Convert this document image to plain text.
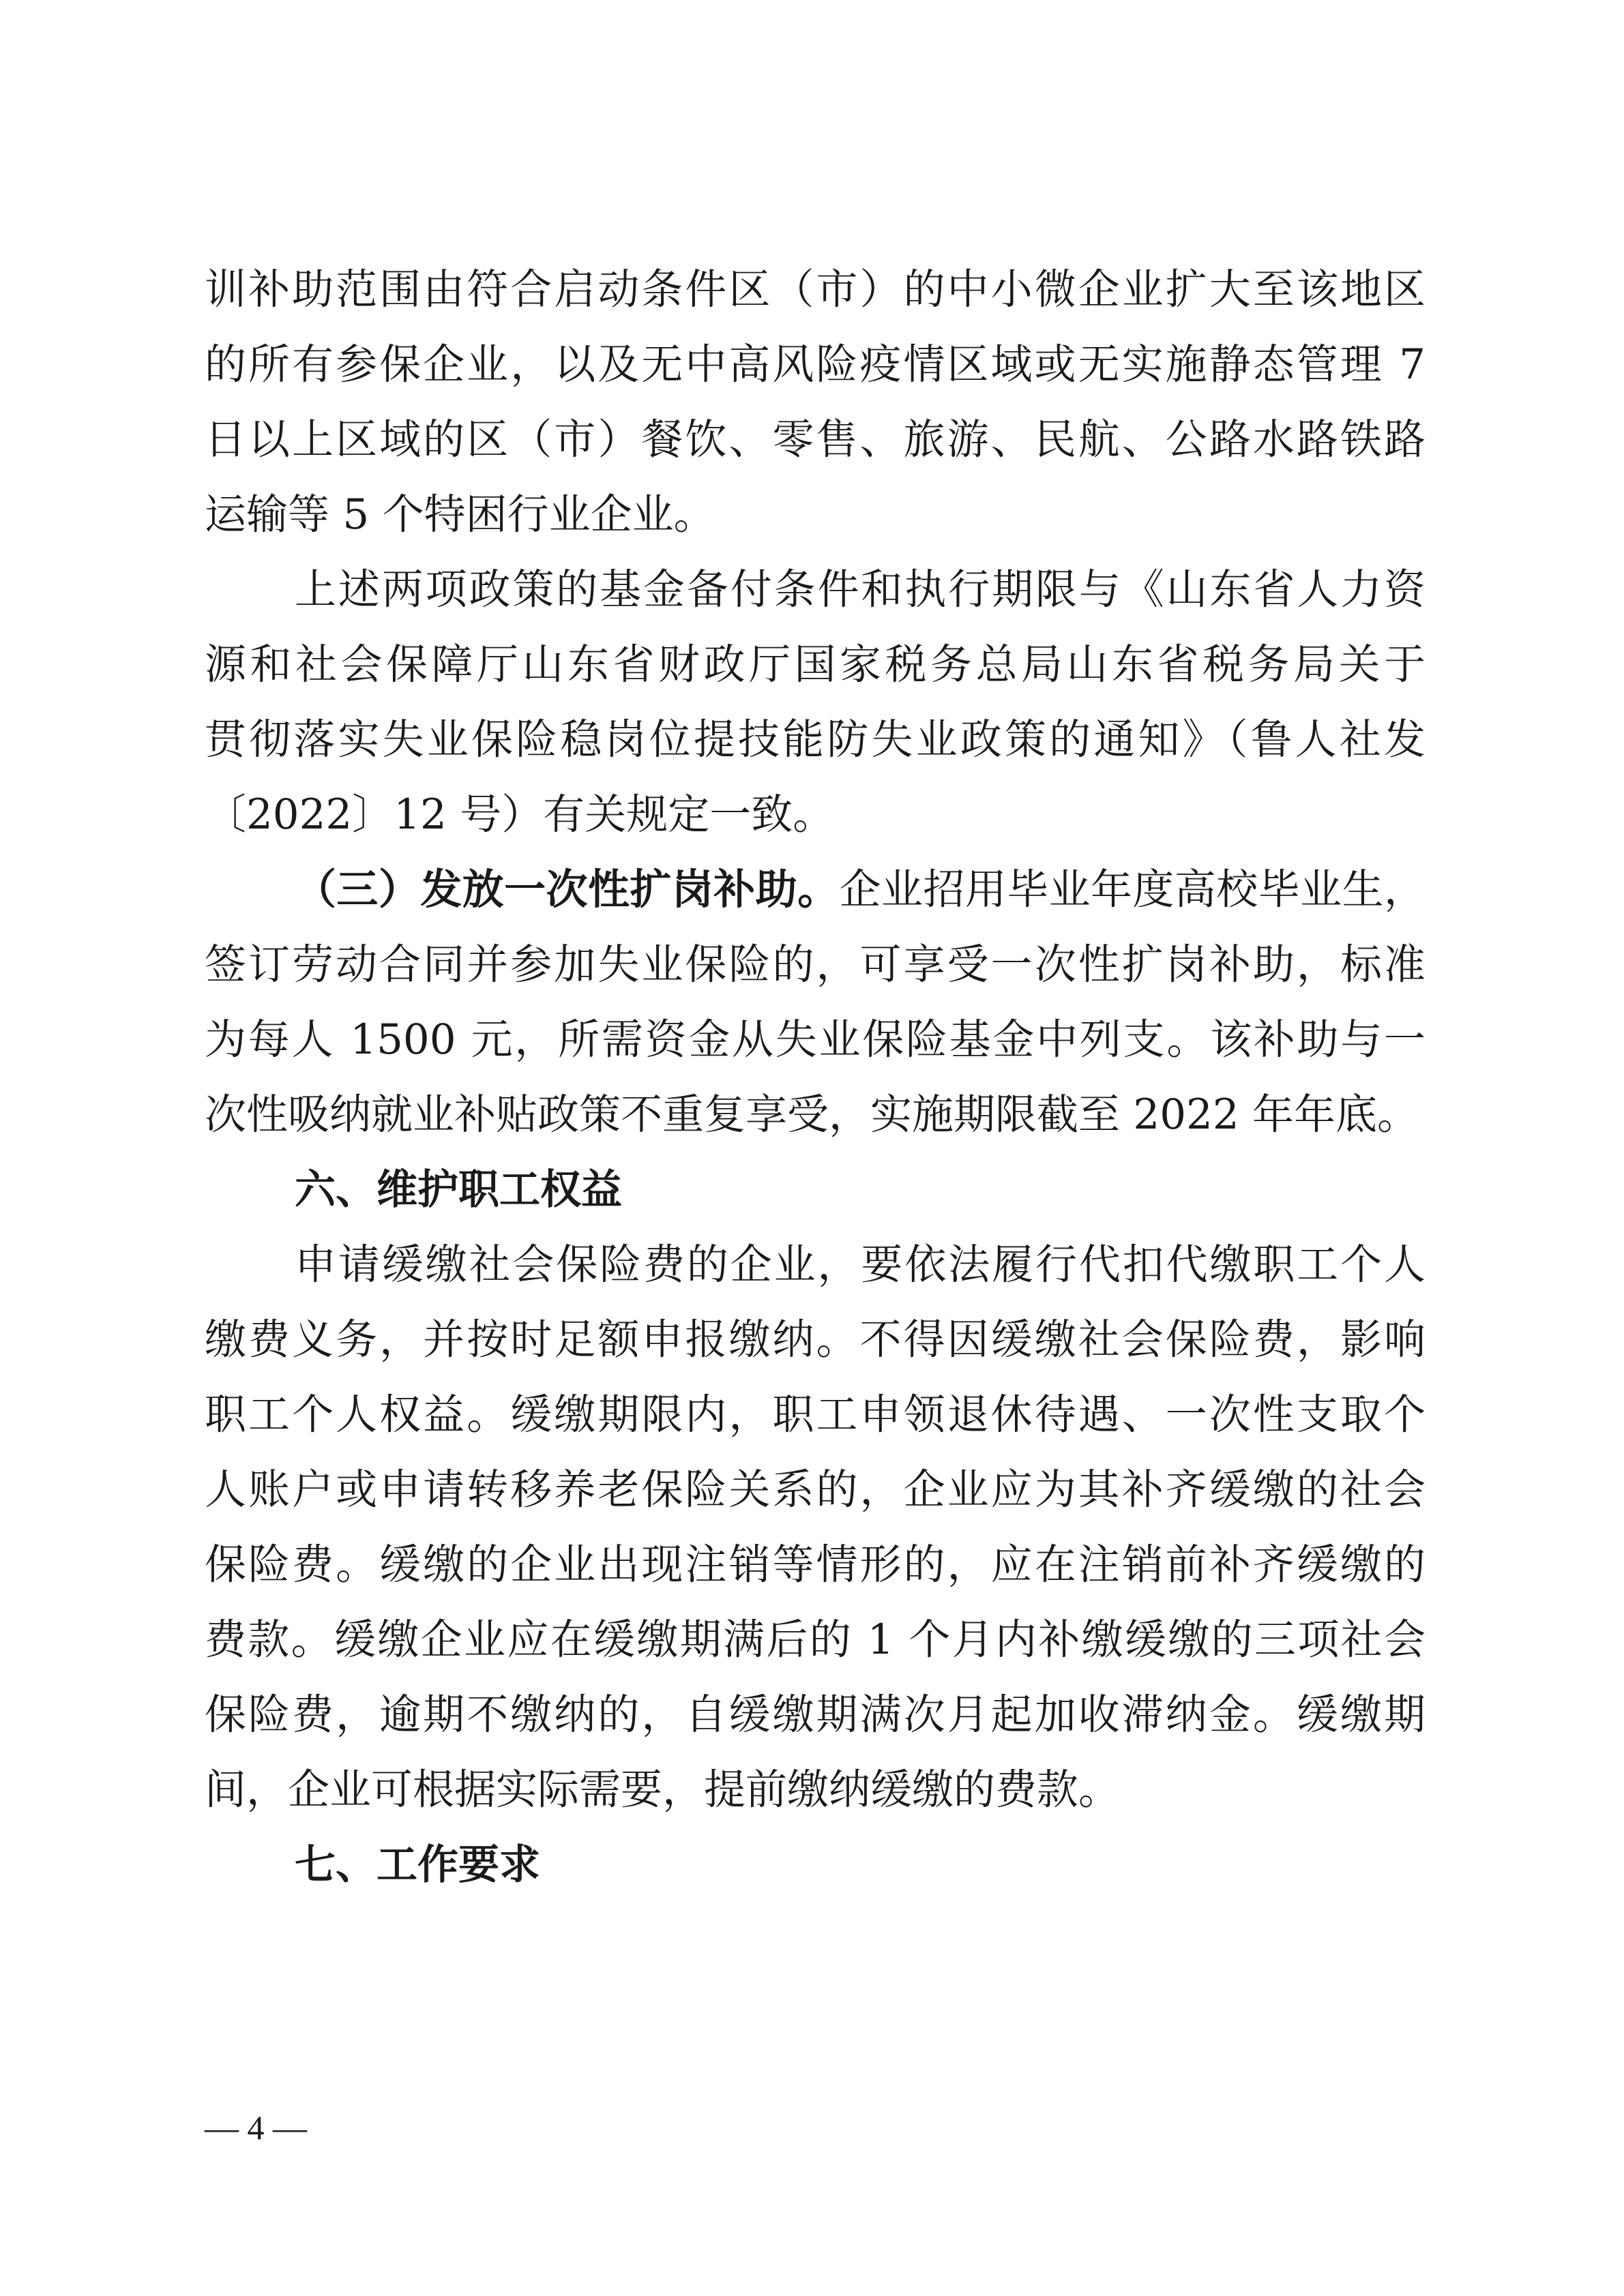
训补助范围由符合启动条件区（市）的中小微企业扩大至该地区
的所有参保企业，以及无中高风险疫情区域或无实施静态管理 7
日以上区域的区（市）餐饮、零售、旅游、民航、公路水路铁路
运输等 5 个特困行业企业。
上述两项政策的基金备付条件和执行期限与《山东省人力资
源和社会保障厅山东省财政厅国家税务总局山东省税务局关于
贯彻落实失业保险稳岗位提技能防失业政策的通知》（鲁人社发
〔2022〕12 号）有关规定一致。
（三）发放一次性扩岗补助。企业招用毕业年度高校毕业生，
签订劳动合同并参加失业保险的，可享受一次性扩岗补助，标准
为每人 1500 元，所需资金从失业保险基金中列支。该补助与一
次性吸纳就业补贴政策不重复享受，实施期限截至 2022 年年底。
六、维护职工权益
申请缓缴社会保险费的企业，要依法履行代扣代缴职工个人
缴费义务，并按时足额申报缴纳。不得因缓缴社会保险费，影响
职工个人权益。缓缴期限内，职工申领退休待遇、一次性支取个
人账户或申请转移养老保险关系的，企业应为其补齐缓缴的社会
保险费。缓缴的企业出现注销等情形的，应在注销前补齐缓缴的
费款。缓缴企业应在缓缴期满后的 1 个月内补缴缓缴的三项社会
保险费，逾期不缴纳的，自缓缴期满次月起加收滞纳金。缓缴期
间，企业可根据实际需要，提前缴纳缓缴的费款。
七、工作要求
— 4 —
